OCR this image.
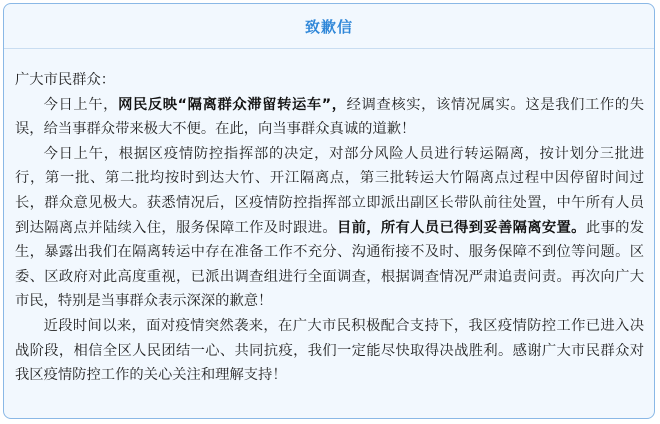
致歉信

广大市民群众：

今日上午，网民反映“隔离群众滞留转运车”，经调查核实，该情况属实。这是我们工作的失误，给当事群众带来极大不便。在此，向当事群众真诚的道歉！

今日上午，根据区疫情防控指挥部的决定，对部分风险人员进行转运隔离，按计划分三批进行，第一批、第二批均按时到达大竹、开江隔离点，第三批转运大竹隔离点过程中因停留时间过长，群众意见极大。获悉情况后，区疫情防控指挥部立即派出副区长带队前往处置，中午所有人员到达隔离点并陆续入住，服务保障工作及时跟进。目前，所有人员已得到妥善隔离安置。此事的发生，暴露出我们在隔离转运中存在准备工作不充分、沟通衔接不及时、服务保障不到位等问题。区委、区政府对此高度重视，已派出调查组进行全面调查，根据调查情况严肃追责问责。再次向广大市民，特别是当事群众表示深深的歉意！

近段时间以来，面对疫情突然袭来，在广大市民积极配合支持下，我区疫情防控工作已进入决战阶段，相信全区人民团结一心、共同抗疫，我们一定能尽快取得决战胜利。感谢广大市民群众对我区疫情防控工作的关心关注和理解支持！
